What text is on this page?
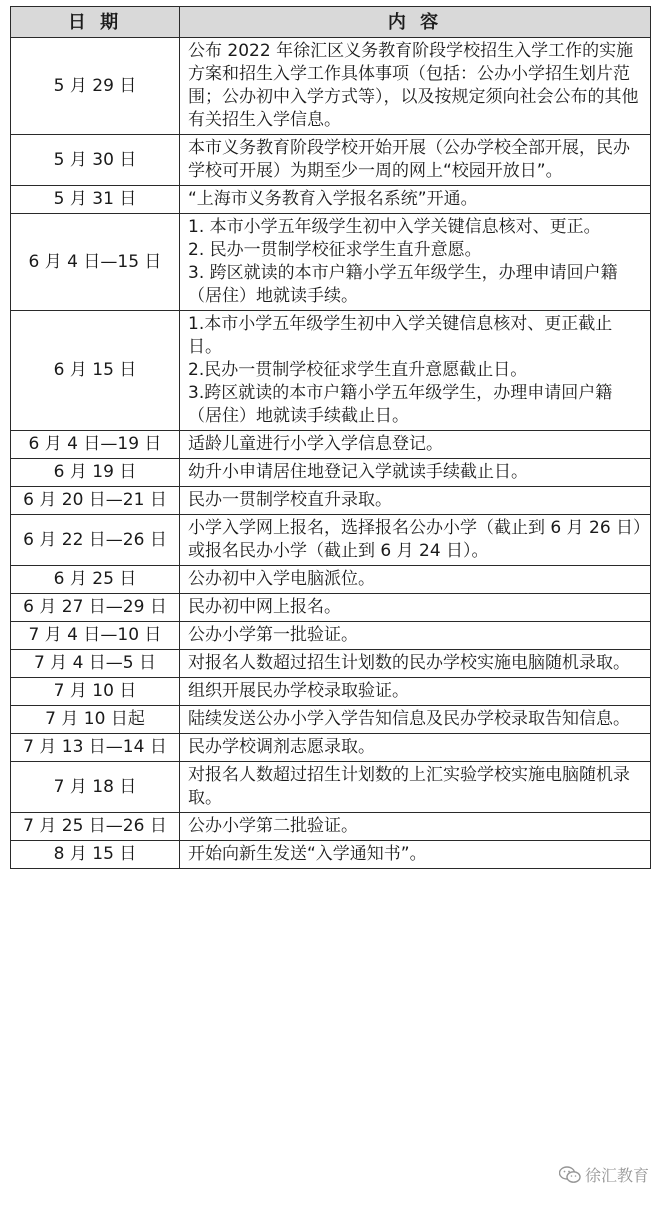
日 期	内 容
5 月 29 日	公布 2022 年徐汇区义务教育阶段学校招生入学工作的实施方案和招生入学工作具体事项（包括：公办小学招生划片范围；公办初中入学方式等），以及按规定须向社会公布的其他有关招生入学信息。

5 月 30 日	本市义务教育阶段学校开始开展（公办学校全部开展，民办学校可开展）为期至少一周的网上“校园开放日”。

5 月 31 日	“上海市义务教育入学报名系统”开通。

6 月 4 日—15 日	1. 本市小学五年级学生初中入学关键信息核对、更正。
2. 民办一贯制学校征求学生直升意愿。
3. 跨区就读的本市户籍小学五年级学生，办理申请回户籍（居住）地就读手续。

6 月 15 日	1.本市小学五年级学生初中入学关键信息核对、更正截止日。
2.民办一贯制学校征求学生直升意愿截止日。
3.跨区就读的本市户籍小学五年级学生，办理申请回户籍（居住）地就读手续截止日。

6 月 4 日—19 日	适龄儿童进行小学入学信息登记。

6 月 19 日	幼升小申请居住地登记入学就读手续截止日。

6 月 20 日—21 日	民办一贯制学校直升录取。

6 月 22 日—26 日	小学入学网上报名，选择报名公办小学（截止到 6 月 26 日）或报名民办小学（截止到 6 月 24 日）。

6 月 25 日	公办初中入学电脑派位。

6 月 27 日—29 日	民办初中网上报名。

7 月 4 日—10 日	公办小学第一批验证。

7 月 4 日—5 日	对报名人数超过招生计划数的民办学校实施电脑随机录取。

7 月 10 日	组织开展民办学校录取验证。

7 月 10 日起	陆续发送公办小学入学告知信息及民办学校录取告知信息。

7 月 13 日—14 日	民办学校调剂志愿录取。

7 月 18 日	对报名人数超过招生计划数的上汇实验学校实施电脑随机录取。

7 月 25 日—26 日	公办小学第二批验证。

8 月 15 日	开始向新生发送“入学通知书”。
徐汇教育
